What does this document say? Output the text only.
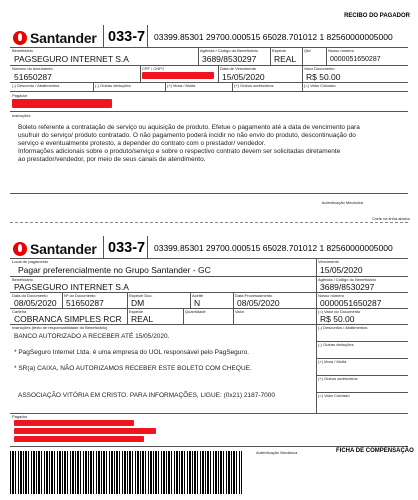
RECIBO DO PAGADOR
Santander 033-7 03399.85301 29700.000515 65028.701012 1 82560000005000
Beneficiário
PAGSEGURO INTERNET S.A
Agência / Código do Beneficiário
3689/8530297
Espécie
REAL
Qtd	Nosso número
0000051650287
Número do documento
51650287
CPF / CNPJ	Data de Vencimento
15/05/2020
Valor Documento
R$ 50.00
(-) Desconto / Abatimentos	(-) Outras deduções	(+) Mora / Multa	(+) Outros acréscimos	(=) Valor Cobrado
Pagador
Instruções
Boleto referente a contratação de serviço ou aquisição de produto. Efetue o pagamento até a data de vencimento para
usufruir do serviço/ produto contratado. O não pagamento poderá incidir no não envio do produto, descontinuação do
serviço e eventualmente protesto, a depender do contrato com o prestador/ vendedor.
Informações adicionais sobre o produto/serviço e sobre o respectivo contrato devem ser solicitadas diretamente
ao prestador/vendedor, por meio de seus canais de atendimento.
Autenticação Mecânica
Corte na linha abaixo
Santander 033-7 03399.85301 29700.000515 65028.701012 1 82560000005000
Local de pagamento
Pagar preferencialmente no Grupo Santander - GC
Vencimento
15/05/2020
Beneficiário
PAGSEGURO INTERNET S.A
Agência / Código do Beneficiário
3689/8530297
Data do Documento
08/05/2020
Nº do Documento
51650287
Espécie Doc.
DM
Aceite
N
Data Processamento
08/05/2020
Nosso número
0000051650287
Carteira
COBRANCA SIMPLES RCR
Espécie
REAL
Quantidade	Valor	(=) Valor do Documento
R$ 50.00
Instruções (texto de responsabilidade do Beneficiário)
BANCO AUTORIZADO A RECEBER ATÉ 15/05/2020.
* PagSeguro Internet Ltda. é uma empresa do UOL responsável pelo PagSeguro.
* SR(a) CAIXA, NÃO AUTORIZAMOS RECEBER ESTE BOLETO COM CHEQUE.
ASSOCIAÇÃO VITÓRIA EM CRISTO. PARA INFORMAÇÕES, LIGUE: (0x21) 2187-7000
(-) Descontos / Abatimentos
(-) Outras deduções
(+) Mora / Multa
(+) Outros acréscimos
(=) Valor Cobrado
Pagador
Autenticação Mecânica	FICHA DE COMPENSAÇÃO
